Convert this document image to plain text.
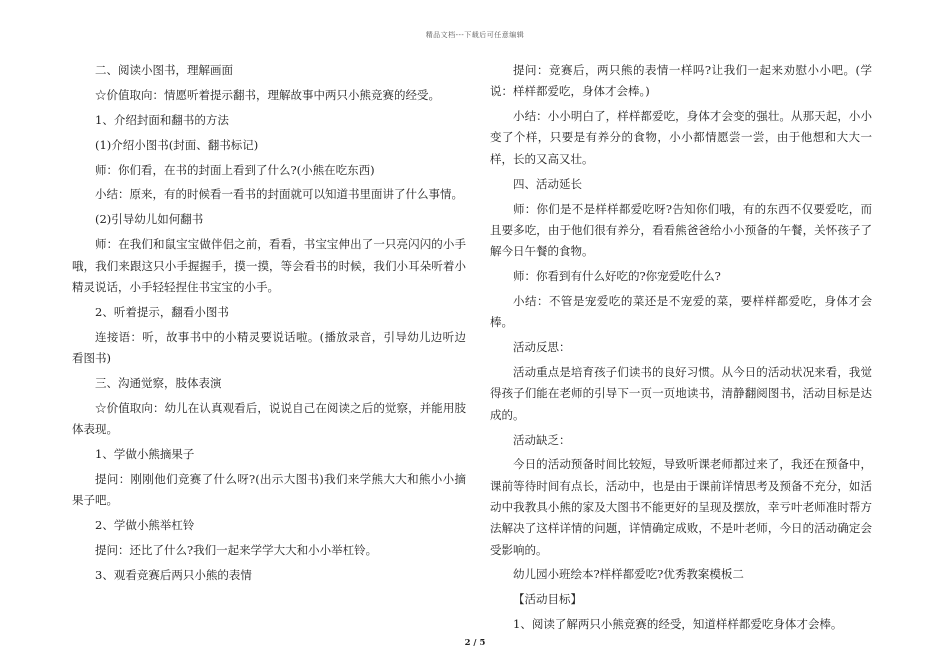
精品文档---下载后可任意编辑

二、阅读小图书，理解画面

☆价值取向：情愿听着提示翻书，理解故事中两只小熊竞赛的经受。

1、介绍封面和翻书的方法

(1)介绍小图书(封面、翻书标记)

师：你们看，在书的封面上看到了什么?(小熊在吃东西)

小结：原来，有的时候看一看书的封面就可以知道书里面讲了什么事情。

(2)引导幼儿如何翻书

师：在我们和鼠宝宝做伴侣之前，看看，书宝宝伸出了一只亮闪闪的小手哦，我们来跟这只小手握握手，摸一摸，等会看书的时候，我们小耳朵听着小精灵说话，小手轻轻捏住书宝宝的小手。

2、听着提示，翻看小图书

连接语：听，故事书中的小精灵要说话啦。(播放录音，引导幼儿边听边看图书)

三、沟通觉察，肢体表演

☆价值取向：幼儿在认真观看后，说说自己在阅读之后的觉察，并能用肢体表现。

1、学做小熊摘果子

提问：刚刚他们竞赛了什么呀?(出示大图书)我们来学熊大大和熊小小摘果子吧。

2、学做小熊举杠铃

提问：还比了什么?我们一起来学学大大和小小举杠铃。

3、观看竞赛后两只小熊的表情

提问：竞赛后，两只熊的表情一样吗?让我们一起来劝慰小小吧。(学说：样样都爱吃，身体才会棒。)

小结：小小明白了，样样都爱吃，身体才会变的强壮。从那天起，小小变了个样，只要是有养分的食物，小小都情愿尝一尝，由于他想和大大一样，长的又高又壮。

四、活动延长

师：你们是不是样样都爱吃呀?告知你们哦，有的东西不仅要爱吃，而且要多吃，由于他们很有养分，看看熊爸爸给小小预备的午餐，关怀孩子了解今日午餐的食物。

师：你看到有什么好吃的?你宠爱吃什么?

小结：不管是宠爱吃的菜还是不宠爱的菜，要样样都爱吃，身体才会棒。

活动反思：

活动重点是培育孩子们读书的良好习惯。从今日的活动状况来看，我觉得孩子们能在老师的引导下一页一页地读书，清静翻阅图书，活动目标是达成的。

活动缺乏：

今日的活动预备时间比较短，导致听课老师都过来了，我还在预备中，课前等待时间有点长，活动中，也是由于课前详情思考及预备不充分，如活动中我教具小熊的家及大图书不能更好的呈现及摆放，幸亏叶老师准时帮方法解决了这样详情的问题，详情确定成败，不是叶老师，今日的活动确定会受影响的。

幼儿园小班绘本?样样都爱吃?优秀教案模板二

【活动目标】

1、阅读了解两只小熊竞赛的经受，知道样样都爱吃身体才会棒。

2 / 5
